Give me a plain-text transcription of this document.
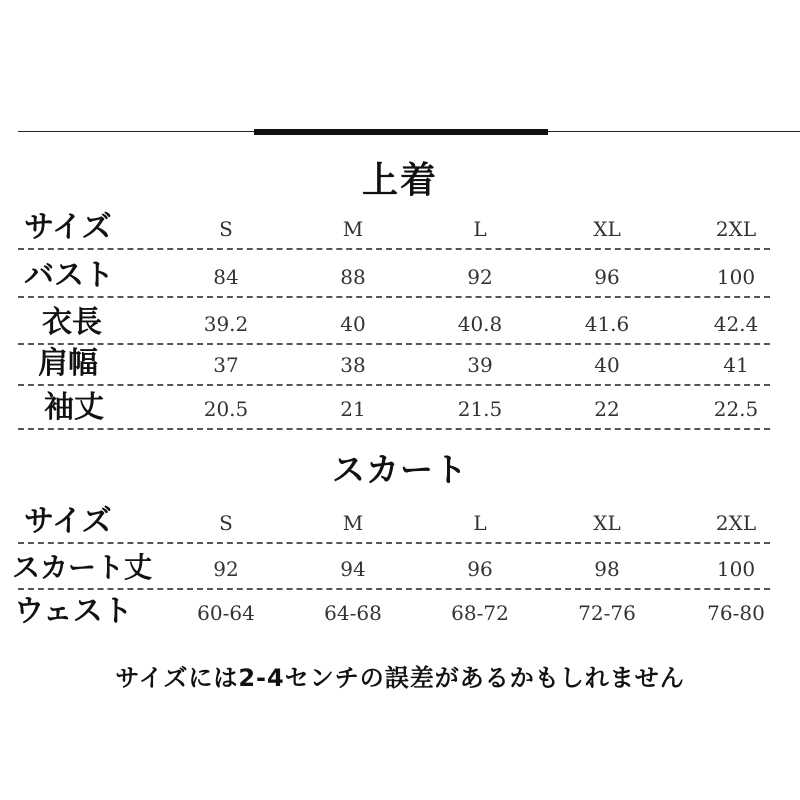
上着
サイズ	S	M	L	XL	2XL
バスト	84	88	92	96	100
衣長	39.2	40	40.8	41.6	42.4
肩幅	37	38	39	40	41
袖丈	20.5	21	21.5	22	22.5
スカート
サイズ	S	M	L	XL	2XL
スカート丈	92	94	96	98	100
ウェスト	60-64	64-68	68-72	72-76	76-80
サイズには2-4センチの誤差があるかもしれません
